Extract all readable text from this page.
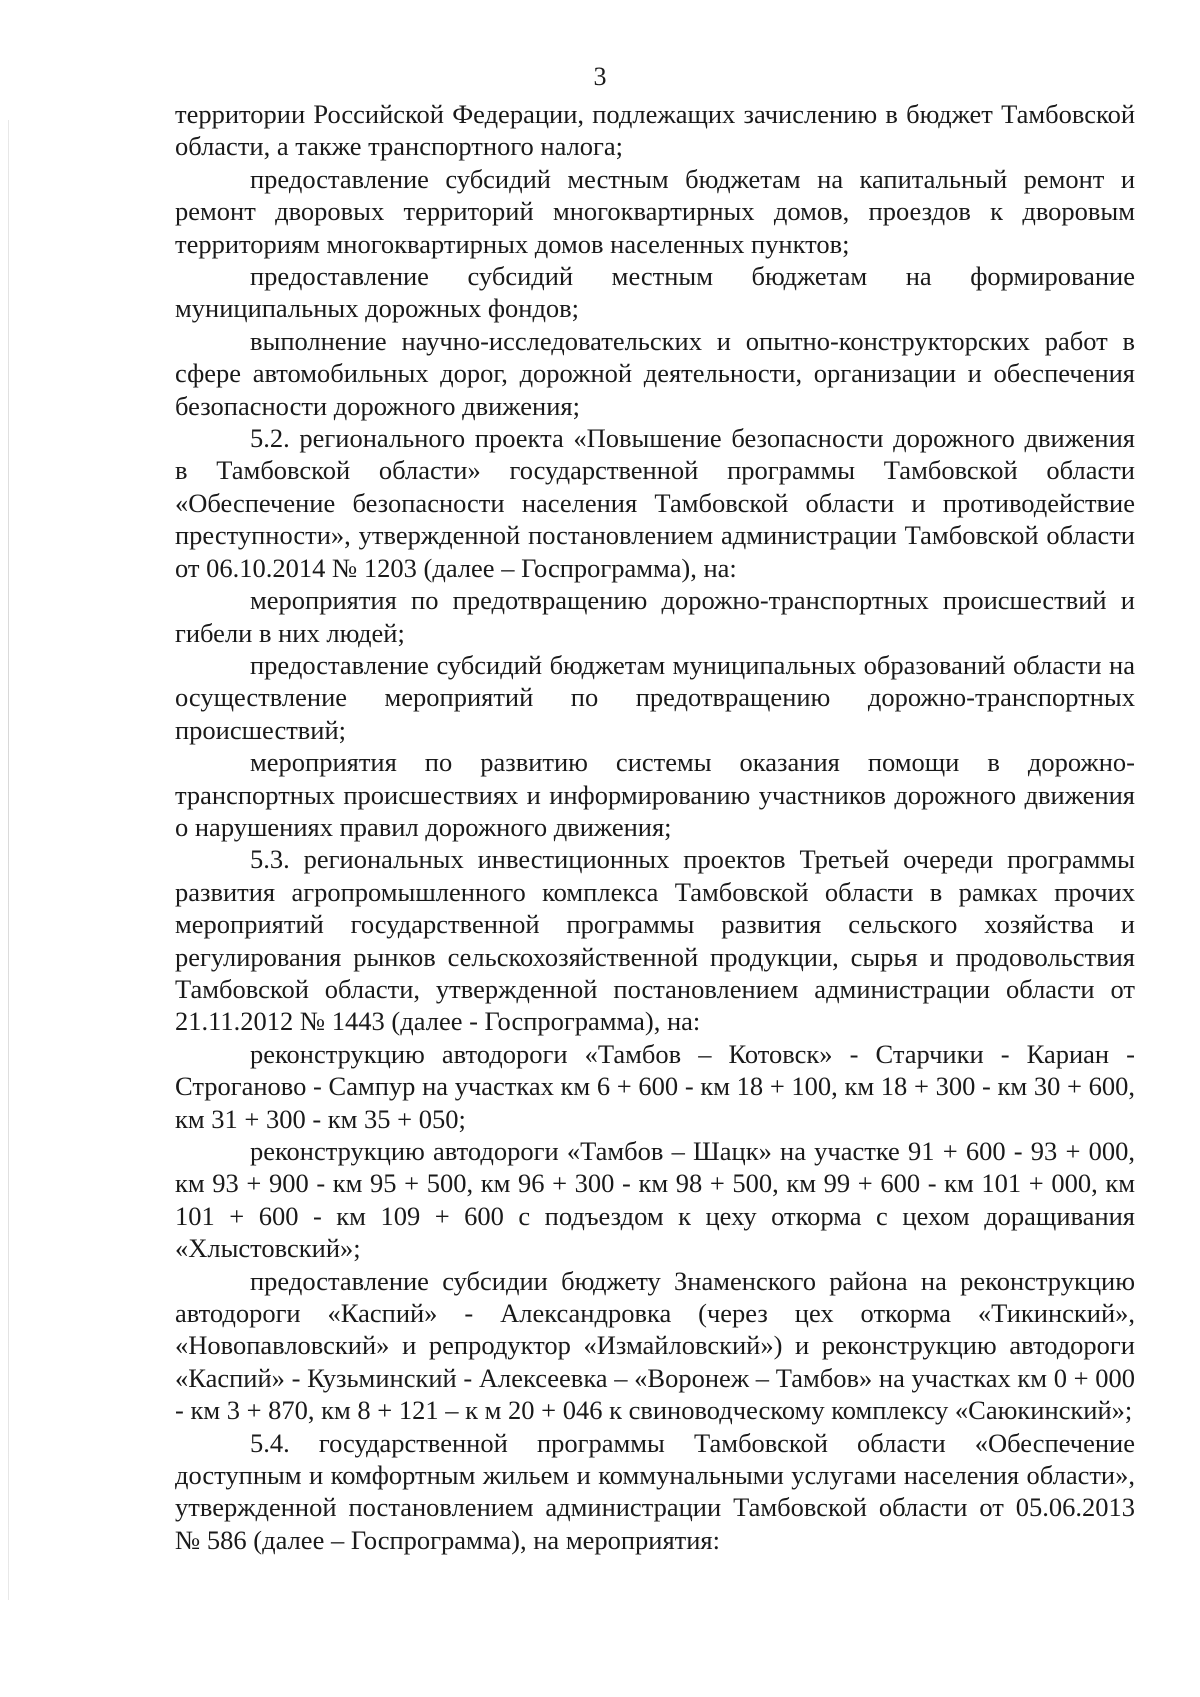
3

территории Российской Федерации, подлежащих зачислению в бюджет Тамбовской области, а также транспортного налога;

предоставление субсидий местным бюджетам на капитальный ремонт и ремонт дворовых территорий многоквартирных домов, проездов к дворовым территориям многоквартирных домов населенных пунктов;

предоставление субсидий местным бюджетам на формирование муниципальных дорожных фондов;

выполнение научно-исследовательских и опытно-конструкторских работ в сфере автомобильных дорог, дорожной деятельности, организации и обеспечения безопасности дорожного движения;

5.2. регионального проекта «Повышение безопасности дорожного движения в Тамбовской области» государственной программы Тамбовской области «Обеспечение безопасности населения Тамбовской области и противодействие преступности», утвержденной постановлением администрации Тамбовской области от 06.10.2014 № 1203 (далее – Госпрограмма), на:

мероприятия по предотвращению дорожно-транспортных происшествий и гибели в них людей;

предоставление субсидий бюджетам муниципальных образований области на осуществление мероприятий по предотвращению дорожно-транспортных происшествий;

мероприятия по развитию системы оказания помощи в дорожно-транспортных происшествиях и информированию участников дорожного движения о нарушениях правил дорожного движения;

5.3. региональных инвестиционных проектов Третьей очереди программы развития агропромышленного комплекса Тамбовской области в рамках прочих мероприятий государственной программы развития сельского хозяйства и регулирования рынков сельскохозяйственной продукции, сырья и продовольствия Тамбовской области, утвержденной постановлением администрации области от 21.11.2012 № 1443 (далее - Госпрограмма), на:

реконструкцию автодороги «Тамбов – Котовск» - Старчики - Кариан - Строганово - Сампур на участках км 6 + 600 - км 18 + 100, км 18 + 300 - км 30 + 600, км 31 + 300 - км 35 + 050;

реконструкцию автодороги «Тамбов – Шацк» на участке 91 + 600 - 93 + 000, км 93 + 900 - км 95 + 500, км 96 + 300 - км 98 + 500, км 99 + 600 - км 101 + 000, км 101 + 600 - км 109 + 600 с подъездом к цеху откорма с цехом доращивания «Хлыстовский»;

предоставление субсидии бюджету Знаменского района на реконструкцию автодороги «Каспий» - Александровка (через цех откорма «Тикинский», «Новопавловский» и репродуктор «Измайловский») и реконструкцию автодороги «Каспий» - Кузьминский - Алексеевка – «Воронеж – Тамбов» на участках км 0 + 000 - км 3 + 870, км 8 + 121 – к м 20 + 046 к свиноводческому комплексу «Саюкинский»;

5.4. государственной программы Тамбовской области «Обеспечение доступным и комфортным жильем и коммунальными услугами населения области», утвержденной постановлением администрации Тамбовской области от 05.06.2013 № 586 (далее – Госпрограмма), на мероприятия:
